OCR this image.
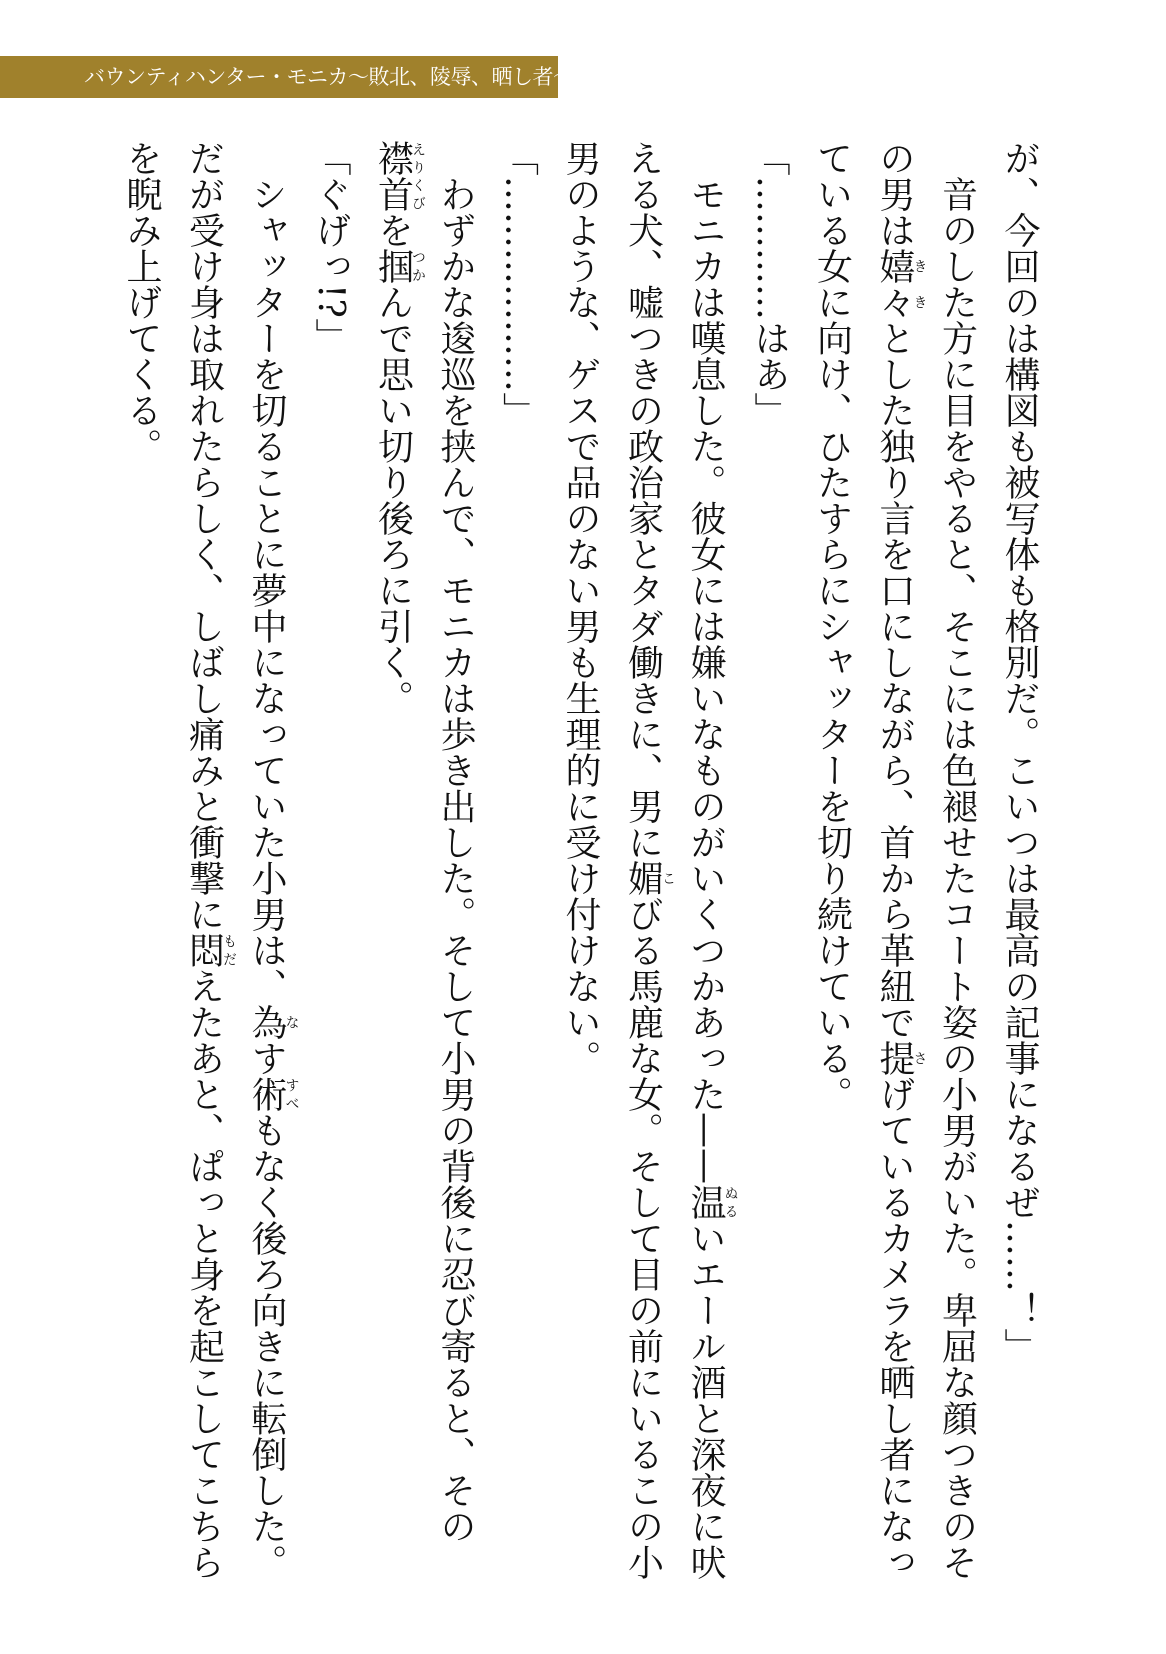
バウンティハンター・モニカ〜敗北、陵辱、晒し者〜

が、今回のは構図も被写体も格別だ。こいつは最高の記事になるぜ……！」

音のした方に目をやると、そこには色褪せたコート姿の小男がいた。卑屈な顔つきのその男は嬉々ききとした独り言を口にしながら、首から革紐で提さげているカメラを晒し者になっている女に向け、ひたすらにシャッターを切り続けている。

「…………はあ」

モニカは嘆息した。彼女には嫌いなものがいくつかあった——温ぬるいエール酒と深夜に吠える犬、嘘つきの政治家とタダ働きに、男に媚こびる馬鹿な女。そして目の前にいるこの小男のような、ゲスで品のない男も生理的に受け付けない。

「………………」

わずかな逡巡を挟んで、モニカは歩き出した。そして小男の背後に忍び寄ると、その襟首えりくびを掴つかんで思い切り後ろに引く。

「ぐげっ!?」

シャッターを切ることに夢中になっていた小男は、為なす術すべもなく後ろ向きに転倒した。だが受け身は取れたらしく、しばし痛みと衝撃に悶もだえたあと、ぱっと身を起こしてこちらを睨み上げてくる。
